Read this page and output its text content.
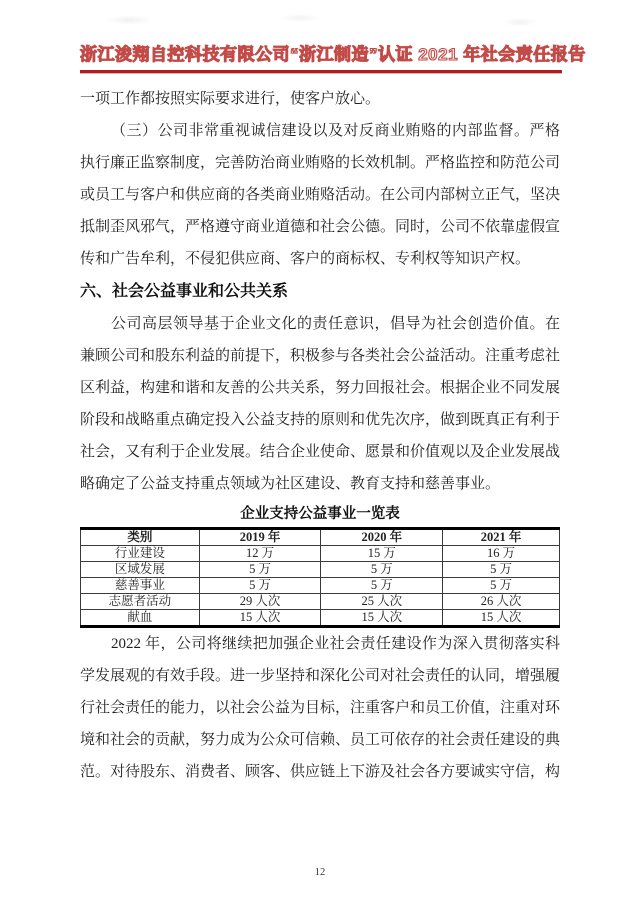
浙江浚翔自控科技有限公司 “浙江制造”认证 2021 年社会责任报告

一项工作都按照实际要求进行，使客户放心。

（三）公司非常重视诚信建设以及对反商业贿赂的内部监督。严格执行廉正监察制度，完善防治商业贿赂的长效机制。严格监控和防范公司或员工与客户和供应商的各类商业贿赂活动。在公司内部树立正气，坚决抵制歪风邪气，严格遵守商业道德和社会公德。同时，公司不依靠虚假宣传和广告牟利，不侵犯供应商、客户的商标权、专利权等知识产权。

六、社会公益事业和公共关系

公司高层领导基于企业文化的责任意识，倡导为社会创造价值。在兼顾公司和股东利益的前提下，积极参与各类社会公益活动。注重考虑社区利益，构建和谐和友善的公共关系，努力回报社会。根据企业不同发展阶段和战略重点确定投入公益支持的原则和优先次序，做到既真正有利于社会，又有利于企业发展。结合企业使命、愿景和价值观以及企业发展战略确定了公益支持重点领域为社区建设、教育支持和慈善事业。

企业支持公益事业一览表
类别	2019 年	2020 年	2021 年
行业建设	12 万	15 万	16 万
区域发展	5 万	5 万	5 万
慈善事业	5 万	5 万	5 万
志愿者活动	29 人次	25 人次	26 人次
献血	15 人次	15 人次	15 人次

2022 年，公司将继续把加强企业社会责任建设作为深入贯彻落实科学发展观的有效手段。进一步坚持和深化公司对社会责任的认同，增强履行社会责任的能力，以社会公益为目标，注重客户和员工价值，注重对环境和社会的贡献，努力成为公众可信赖、员工可依存的社会责任建设的典范。对待股东、消费者、顾客、供应链上下游及社会各方要诚实守信，构

12
